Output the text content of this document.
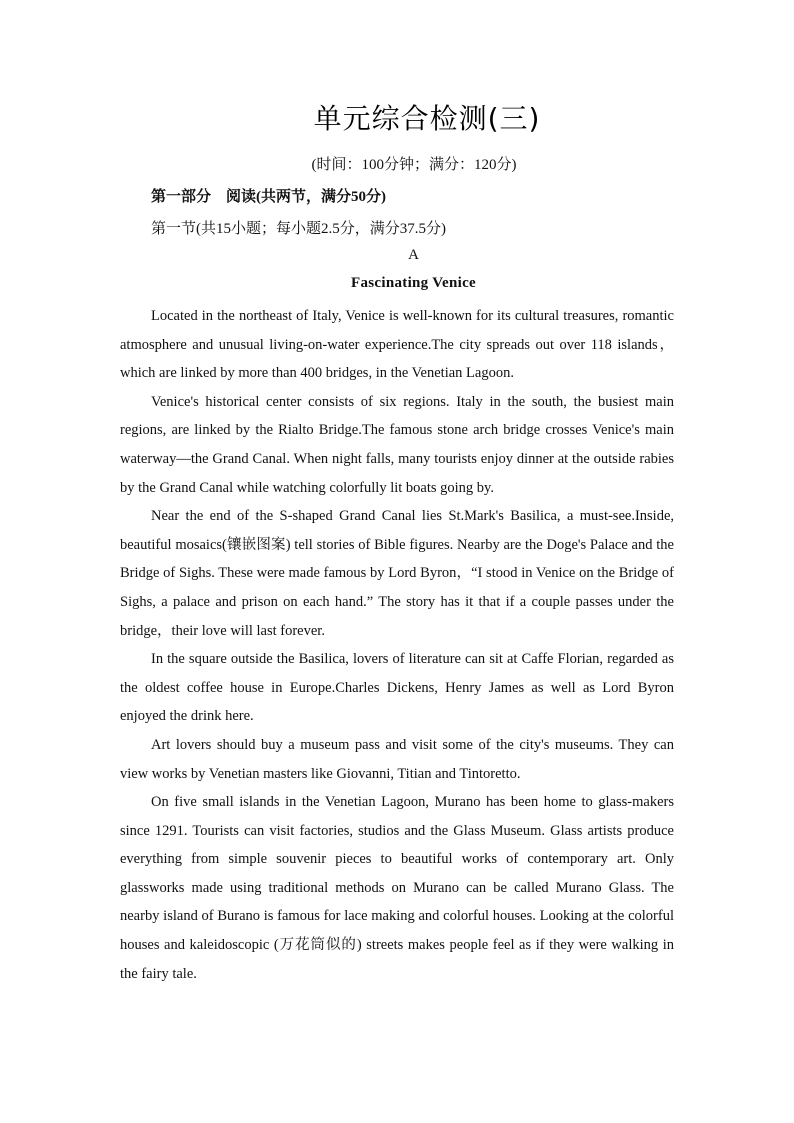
单元综合检测(三)
(时间：100分钟；满分：120分)
第一部分　阅读(共两节，满分50分)
第一节(共15小题；每小题2.5分，满分37.5分)
A
Fascinating Venice

Located in the northeast of Italy, Venice is well-known for its cultural treasures, romantic atmosphere and unusual living-on-water experience.The city spreads out over 118 islands， which are linked by more than 400 bridges, in the Venetian Lagoon.

Venice's historical center consists of six regions. Italy in the south, the busiest main regions, are linked by the Rialto Bridge.The famous stone arch bridge crosses Venice's main waterway—the Grand Canal. When night falls, many tourists enjoy dinner at the outside rabies by the Grand Canal while watching colorfully lit boats going by.

Near the end of the S-shaped Grand Canal lies St.Mark's Basilica, a must-see.Inside, beautiful mosaics(镶嵌图案) tell stories of Bible figures. Nearby are the Doge's Palace and the Bridge of Sighs. These were made famous by Lord Byron，“I stood in Venice on the Bridge of Sighs, a palace and prison on each hand.” The story has it that if a couple passes under the bridge，their love will last forever.

In the square outside the Basilica, lovers of literature can sit at Caffe Florian, regarded as the oldest coffee house in Europe.Charles Dickens, Henry James as well as Lord Byron enjoyed the drink here.

Art lovers should buy a museum pass and visit some of the city's museums. They can view works by Venetian masters like Giovanni, Titian and Tintoretto.

On five small islands in the Venetian Lagoon, Murano has been home to glass-makers since 1291. Tourists can visit factories, studios and the Glass Museum. Glass artists produce everything from simple souvenir pieces to beautiful works of contemporary art. Only glassworks made using traditional methods on Murano can be called Murano Glass. The nearby island of Burano is famous for lace making and colorful houses. Looking at the colorful houses and kaleidoscopic (万花筒似的) streets makes people feel as if they were walking in the fairy tale.
